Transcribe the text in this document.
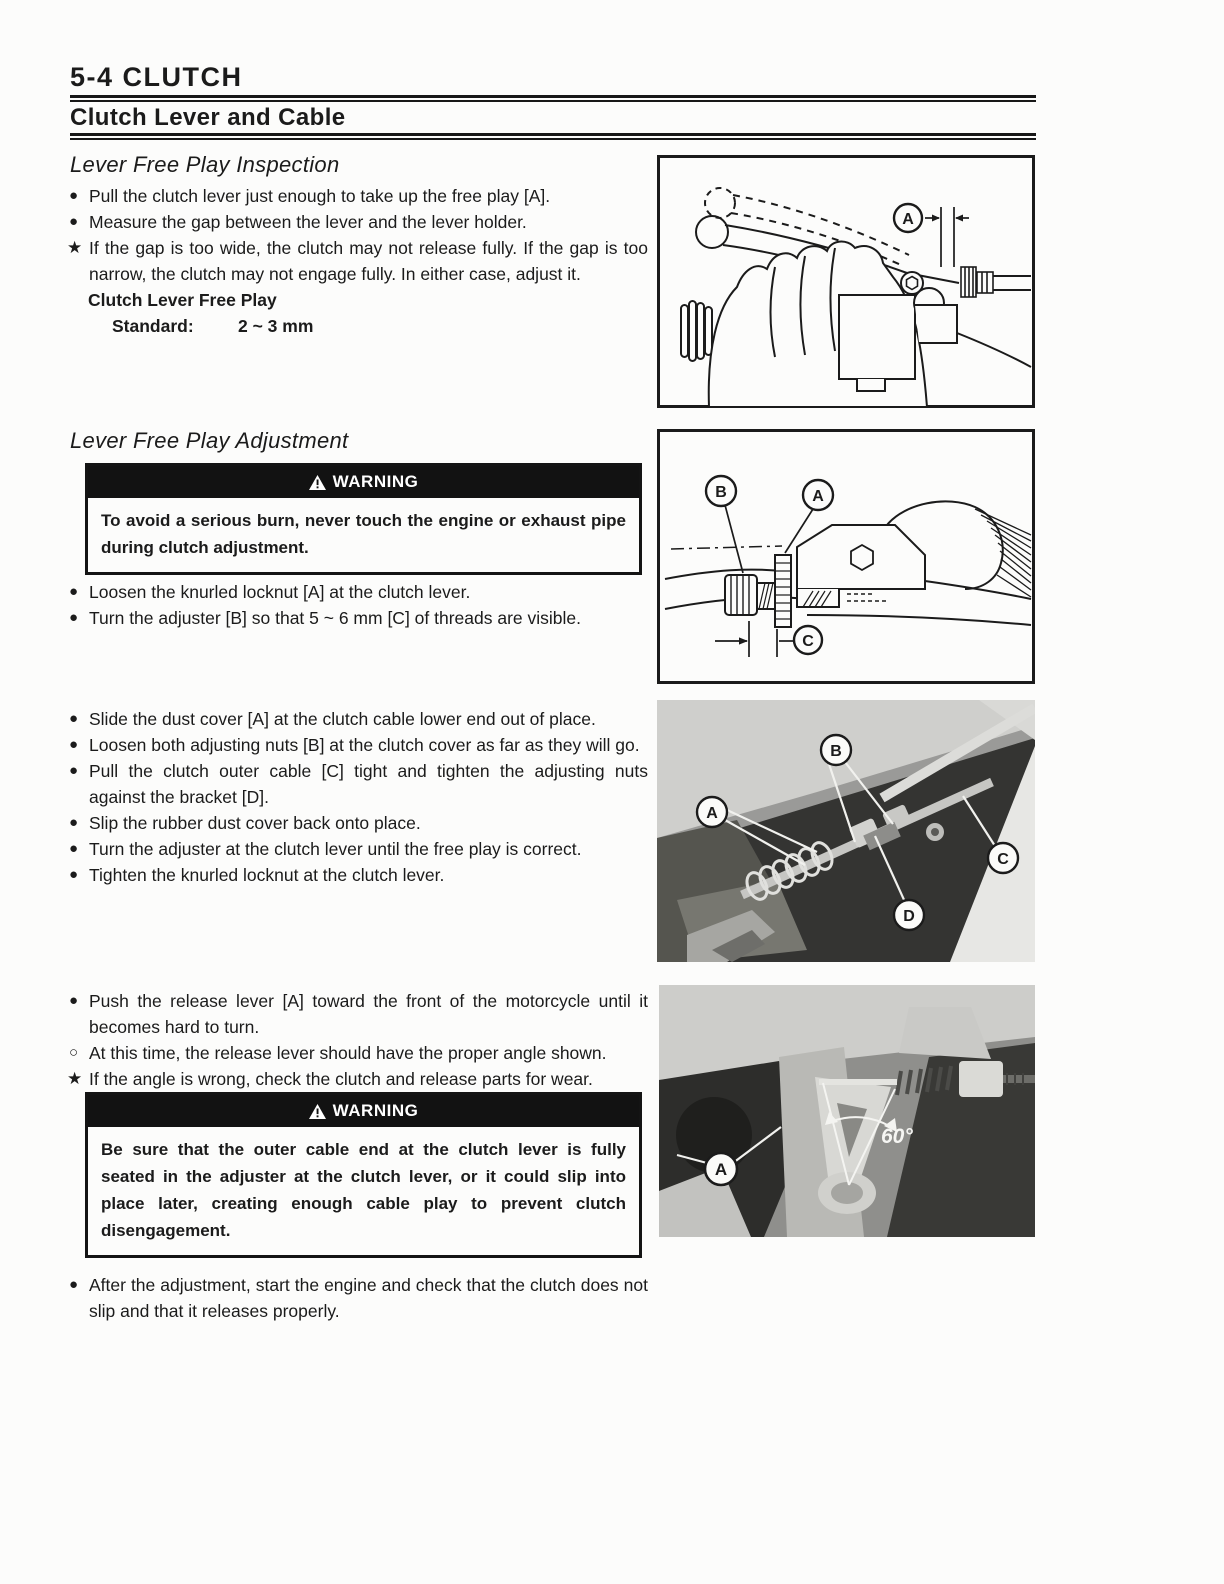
5-4 CLUTCH
Clutch Lever and Cable
Lever Free Play Inspection
● Pull the clutch lever just enough to take up the free play [A].
● Measure the gap between the lever and the lever holder.
★ If the gap is too wide, the clutch may not release fully. If the gap is too narrow, the clutch may not engage fully. In either case, adjust it.
Clutch Lever Free Play
Standard:	2 ~ 3 mm
Lever Free Play Adjustment
WARNING
To avoid a serious burn, never touch the engine or exhaust pipe during clutch adjustment.
● Loosen the knurled locknut [A] at the clutch lever.
● Turn the adjuster [B] so that 5 ~ 6 mm [C] of threads are visible.
● Slide the dust cover [A] at the clutch cable lower end out of place.
● Loosen both adjusting nuts [B] at the clutch cover as far as they will go.
● Pull the clutch outer cable [C] tight and tighten the adjusting nuts against the bracket [D].
● Slip the rubber dust cover back onto place.
● Turn the adjuster at the clutch lever until the free play is correct.
● Tighten the knurled locknut at the clutch lever.
● Push the release lever [A] toward the front of the motorcycle until it becomes hard to turn.
○ At this time, the release lever should have the proper angle shown.
★ If the angle is wrong, check the clutch and release parts for wear.
WARNING
Be sure that the outer cable end at the clutch lever is fully seated in the adjuster at the clutch lever, or it could slip into place later, creating enough cable play to prevent clutch disengagement.
● After the adjustment, start the engine and check that the clutch does not slip and that it releases properly.
A
B	A
C
A
B
C
D
60°
A
